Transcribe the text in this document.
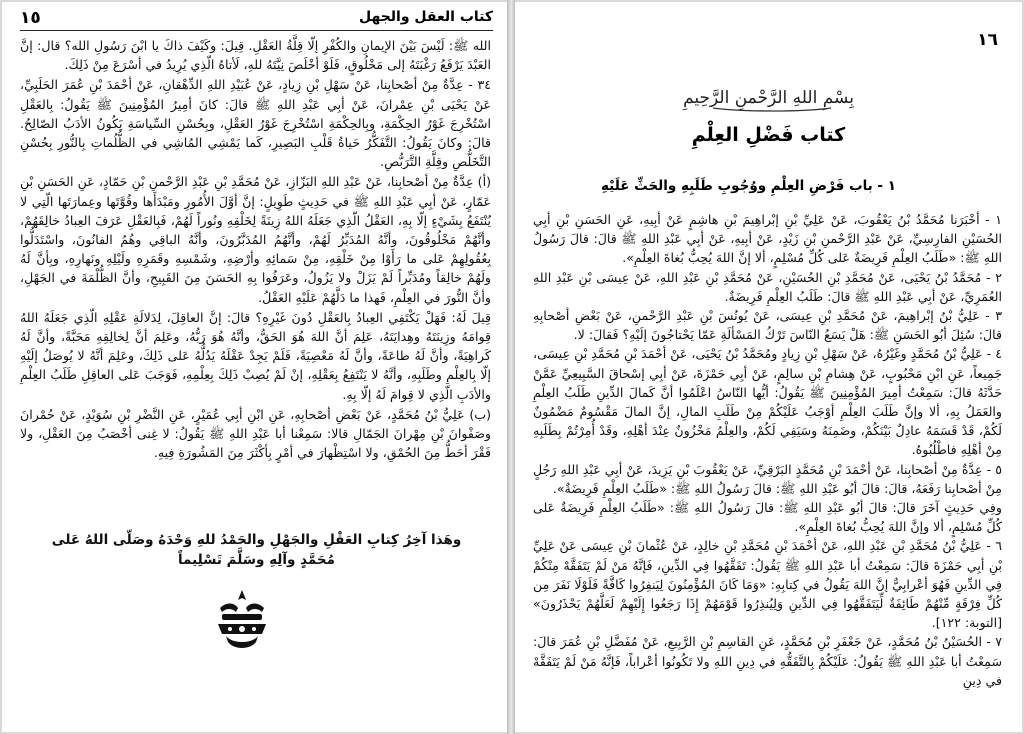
كتاب العقل والجهل
١٥

الله ﷺ: لَيْسَ بَيْنَ الإيمانِ والكُفْرِ إلّا قِلَّةُ العَقْلِ. قِيلَ: وكَيْفَ ذاكَ يا ابْنَ رَسُولِ الله؟ قال: إنَّ العَبْدَ يَرْفَعُ رَغْبَتَهُ إلى مَخْلُوقٍ، فَلَوْ أخْلَصَ نِيَّتَهُ للهِ، لَأتاهُ الّذِي يُرِيدُ في أسْرَعَ مِنْ ذَلِكَ.

٣٤ - عِدَّةٌ مِنْ أصْحابِنا، عَنْ سَهْلِ بْنِ زِيادٍ، عَنْ عُبَيْدِ اللهِ الدِّهْقانِ، عَنْ أحْمَدَ بْنِ عُمَرَ الحَلَبِيِّ، عَنْ يَحْيَى بْنِ عِمْرانَ، عَنْ أبِي عَبْدِ اللهِ ﷺ قالَ: كانَ أمِيرُ المُؤْمِنِينَ ﷺ يَقُولُ: بِالعَقْلِ اسْتُخْرِجَ غَوْرُ الحِكْمَةِ، وبِالحِكْمَةِ اسْتُخْرِجَ غَوْرُ العَقْلِ، وبِحُسْنِ السِّياسَةِ يَكُونُ الأدَبُ الصّالِحُ. قالَ: وكانَ يَقُولُ: التَّفَكُّرُ حَياةُ قَلْبِ البَصِيرِ، كَما يَمْشِي المُاشِي في الظُّلُماتِ بِالنُّورِ بِحُسْنِ التَّخَلُّصِ وقِلَّةِ التَّرَبُّصِ.

(أ) عِدَّةٌ مِنْ أصْحابِنا، عَنْ عَبْدِ اللهِ البَزّازِ، عَنْ مُحَمَّدِ بْنِ عَبْدِ الرَّحْمنِ بْنِ حَمّادٍ، عَنِ الحَسَنِ بْنِ عَمّارٍ، عَنْ أبِي عَبْدِ اللهِ ﷺ في حَدِيثٍ طَوِيلٍ: إنَّ أوَّلَ الأُمُورِ ومَبْدَأَها وقُوَّتَها وعِمارَتَها الّتِي لا يُنْتَفَعُ بِشَيْءٍ إلّا بِهِ، العَقْلُ الّذِي جَعَلَهُ اللهُ زِينَةً لِخَلْقِهِ ونُوراً لَهُمْ، فَبِالعَقْلِ عَرَفَ العِبادُ خالِقَهُمْ، وأنَّهُمْ مَخْلُوقُونَ، وأنَّهُ المُدَبِّرُ لَهُمْ، وأنَّهُمُ المُدَبَّرُونَ، وأنَّهُ الباقِي وهُمُ الفانُونَ، واسْتَدَلُّوا بِعُقُولِهِمْ عَلى ما رَأَوْا مِنْ خَلْقِهِ، مِنْ سَمائِهِ وأرْضِهِ، وشَمْسِهِ وقَمَرِهِ ولَيْلِهِ ونَهارِهِ، وبِأنَّ لَهُ ولَهُمْ خالِقاً ومُدَبِّراً لَمْ يَزَلْ ولا يَزُولُ، وعَرَفُوا بِهِ الحَسَنَ مِنَ القَبِيحِ، وأنَّ الظُّلْمَةَ في الجَهْلِ، وأنَّ النُّورَ في العِلْمِ، فَهذا ما دَلَّهُمْ عَلَيْهِ العَقْلُ.

قِيلَ لَهُ: فَهَلْ يَكْتَفِي العِبادُ بِالعَقْلِ دُونَ غَيْرِهِ؟ قالَ: إنَّ العاقِلَ، لِدَلالَةِ عَقْلِهِ الّذِي جَعَلَهُ اللهُ قِوامَهُ وزِينَتَهُ وهِدايَتَهُ، عَلِمَ أنَّ اللهَ هُوَ الحَقُّ، وأنَّهُ هُوَ رَبُّهُ، وعَلِمَ أنَّ لِخالِقِهِ مَحَبَّةً، وأنَّ لَهُ كَراهِيَةً، وأنَّ لَهُ طاعَةً، وأنَّ لَهُ مَعْصِيَةً، فَلَمْ يَجِدْ عَقْلَهُ يَدُلُّهُ عَلى ذَلِكَ، وعَلِمَ أنَّهُ لا يُوصَلُ إلَيْهِ إلّا بِالعِلْمِ وطَلَبِهِ، وأنَّهُ لا يَنْتَفِعُ بِعَقْلِهِ، إنْ لَمْ يُصِبْ ذَلِكَ بِعِلْمِهِ، فَوَجَبَ عَلى العاقِلِ طَلَبُ العِلْمِ والأدَبِ الّذِي لا قِوامَ لَهُ إلّا بِهِ.

(ب) عَلِيُّ بْنُ مُحَمَّدٍ، عَنْ بَعْضِ أصْحابِهِ، عَنِ ابْنِ أبِي عُمَيْرٍ، عَنِ النَّضْرِ بْنِ سُوَيْدٍ، عَنْ حُمْرانَ وصَفْوانَ بْنِ مِهْرانَ الجَمّالِ قالا: سَمِعْنا أبا عَبْدِ اللهِ ﷺ يَقُولُ: لا غِنى أخْصَبُ مِنَ العَقْلِ، ولا فَقْرَ أحَطُّ مِنَ الحُمْقِ، ولا اسْتِظْهارَ في أمْرٍ بِأكْثَرَ مِنَ المَشُورَةِ فِيهِ.

وهَذا آخِرُ كِتابِ العَقْلِ والجَهْلِ والحَمْدُ للهِ وَحْدَهُ وصَلّى اللهُ عَلى مُحَمَّدٍ وآلِهِ وسَلَّمَ تَسْلِيماً
١٦
بِسْمِ اللهِ الرَّحْمنِ الرَّحِيمِ
كتاب فَضْلِ العِلْمِ
١ - باب فَرْضِ العِلْمِ ووُجُوبِ طَلَبِهِ والحَثِّ عَلَيْهِ

١ - أخْبَرَنا مُحَمَّدُ بْنُ يَعْقُوبَ، عَنْ عَلِيِّ بْنِ إبْراهِيمَ بْنِ هاشِمٍ عَنْ أبِيهِ، عَنِ الحَسَنِ بْنِ أبِي الحُسَيْنِ الفارِسِيِّ، عَنْ عَبْدِ الرَّحْمنِ بْنِ زَيْدٍ، عَنْ أبِيهِ، عَنْ أبِي عَبْدِ اللهِ ﷺ قالَ: قالَ رَسُولُ اللهِ ﷺ: «طَلَبُ العِلْمِ فَرِيضَةٌ عَلى كُلِّ مُسْلِمٍ، ألا إنَّ اللهَ يُحِبُّ بُغاةَ العِلْمِ».

٢ - مُحَمَّدُ بْنُ يَحْيَى، عَنْ مُحَمَّدِ بْنِ الحُسَيْنِ، عَنْ مُحَمَّدِ بْنِ عَبْدِ اللهِ، عَنْ عِيسَى بْنِ عَبْدِ اللهِ العُمَرِيِّ، عَنْ أبِي عَبْدِ اللهِ ﷺ قالَ: طَلَبُ العِلْمِ فَرِيضَةٌ.

٣ - عَلِيُّ بْنُ إبْراهِيمَ، عَنْ مُحَمَّدِ بْنِ عِيسَى، عَنْ يُونُسَ بْنِ عَبْدِ الرَّحْمنِ، عَنْ بَعْضِ أصْحابِهِ قالَ: سُئِلَ أبُو الحَسَنِ ﷺ: هَلْ يَسَعُ النّاسَ تَرْكُ المَسْألَةِ عَمّا يَحْتاجُونَ إلَيْهِ؟ فَقالَ: لا.

٤ - عَلِيُّ بْنُ مُحَمَّدٍ وغَيْرُهُ، عَنْ سَهْلِ بْنِ زِيادٍ ومُحَمَّدُ بْنُ يَحْيَى، عَنْ أحْمَدَ بْنِ مُحَمَّدِ بْنِ عِيسَى، جَمِيعاً، عَنِ ابْنِ مَحْبُوبٍ، عَنْ هِشامِ بْنِ سالِمٍ، عَنْ أبِي حَمْزَةَ، عَنْ أبِي إسْحاقَ السَّبِيعِيِّ عَمَّنْ حَدَّثَهُ قالَ: سَمِعْتُ أمِيرَ المُؤْمِنِينَ ﷺ يَقُولُ: أيُّها النّاسُ اعْلَمُوا أنَّ كَمالَ الدِّينِ طَلَبُ العِلْمِ والعَمَلُ بِهِ، ألا وإنَّ طَلَبَ العِلْمِ أوْجَبُ عَلَيْكُمْ مِنْ طَلَبِ المالِ، إنَّ المالَ مَقْسُومٌ مَضْمُونٌ لَكُمْ، قَدْ قَسَمَهُ عادِلٌ بَيْنَكُمْ، وضَمِنَهُ وسَيَفِي لَكُمْ، والعِلْمُ مَخْزُونٌ عِنْدَ أهْلِهِ، وقَدْ أُمِرْتُمْ بِطَلَبِهِ مِنْ أهْلِهِ فاطْلُبُوهُ.

٥ - عِدَّةٌ مِنْ أصْحابِنا، عَنْ أحْمَدَ بْنِ مُحَمَّدٍ البَرْقِيِّ، عَنْ يَعْقُوبَ بْنِ يَزِيدَ، عَنْ أبِي عَبْدِ اللهِ رَجُلٍ مِنْ أصْحابِنا رَفَعَهُ، قالَ: قالَ أبُو عَبْدِ اللهِ ﷺ: قالَ رَسُولُ اللهِ ﷺ: «طَلَبُ العِلْمِ فَرِيضَةٌ».

وفِي حَدِيثٍ آخَرَ قالَ: قالَ أبُو عَبْدِ اللهِ ﷺ: قالَ رَسُولُ اللهِ ﷺ: «طَلَبُ العِلْمِ فَرِيضَةٌ عَلى كُلِّ مُسْلِمٍ، ألا وإنَّ اللهَ يُحِبُّ بُغاةَ العِلْمِ».

٦ - عَلِيُّ بْنُ مُحَمَّدِ بْنِ عَبْدِ اللهِ، عَنْ أحْمَدَ بْنِ مُحَمَّدِ بْنِ خالِدٍ، عَنْ عُثْمانَ بْنِ عِيسَى عَنْ عَلِيِّ بْنِ أبِي حَمْزَةَ قالَ: سَمِعْتُ أبا عَبْدِ اللهِ ﷺ يَقُولُ: تَفَقَّهُوا فِي الدِّينِ، فَإنَّهُ مَنْ لَمْ يَتَفَقَّهْ مِنْكُمْ فِي الدِّينِ فَهُوَ أعْرابِيٌّ إنَّ اللهَ يَقُولُ في كِتابِهِ: «وَمَا كَانَ المُؤْمِنُونَ لِيَنفِرُوا كَافَّةً فَلَوْلَا نَفَرَ مِن كُلِّ فِرْقَةٍ مِّنْهُمْ طَائِفَةٌ لِّيَتَفَقَّهُوا فِي الدِّينِ وَلِيُنذِرُوا قَوْمَهُمْ إِذَا رَجَعُوا إِلَيْهِمْ لَعَلَّهُمْ يَحْذَرُونَ» [التوبة: ١٢٢].

٧ - الحُسَيْنُ بْنُ مُحَمَّدٍ، عَنْ جَعْفَرِ بْنِ مُحَمَّدٍ، عَنِ القاسِمِ بْنِ الرَّبِيعِ، عَنْ مُفَضَّلِ بْنِ عُمَرَ قالَ: سَمِعْتُ أبا عَبْدِ اللهِ ﷺ يَقُولُ: عَلَيْكُمْ بِالتَّفَقُّهِ في دِينِ اللهِ ولا تَكُونُوا أعْراباً، فَإنَّهُ مَنْ لَمْ يَتَفَقَّهْ في دِينِ
